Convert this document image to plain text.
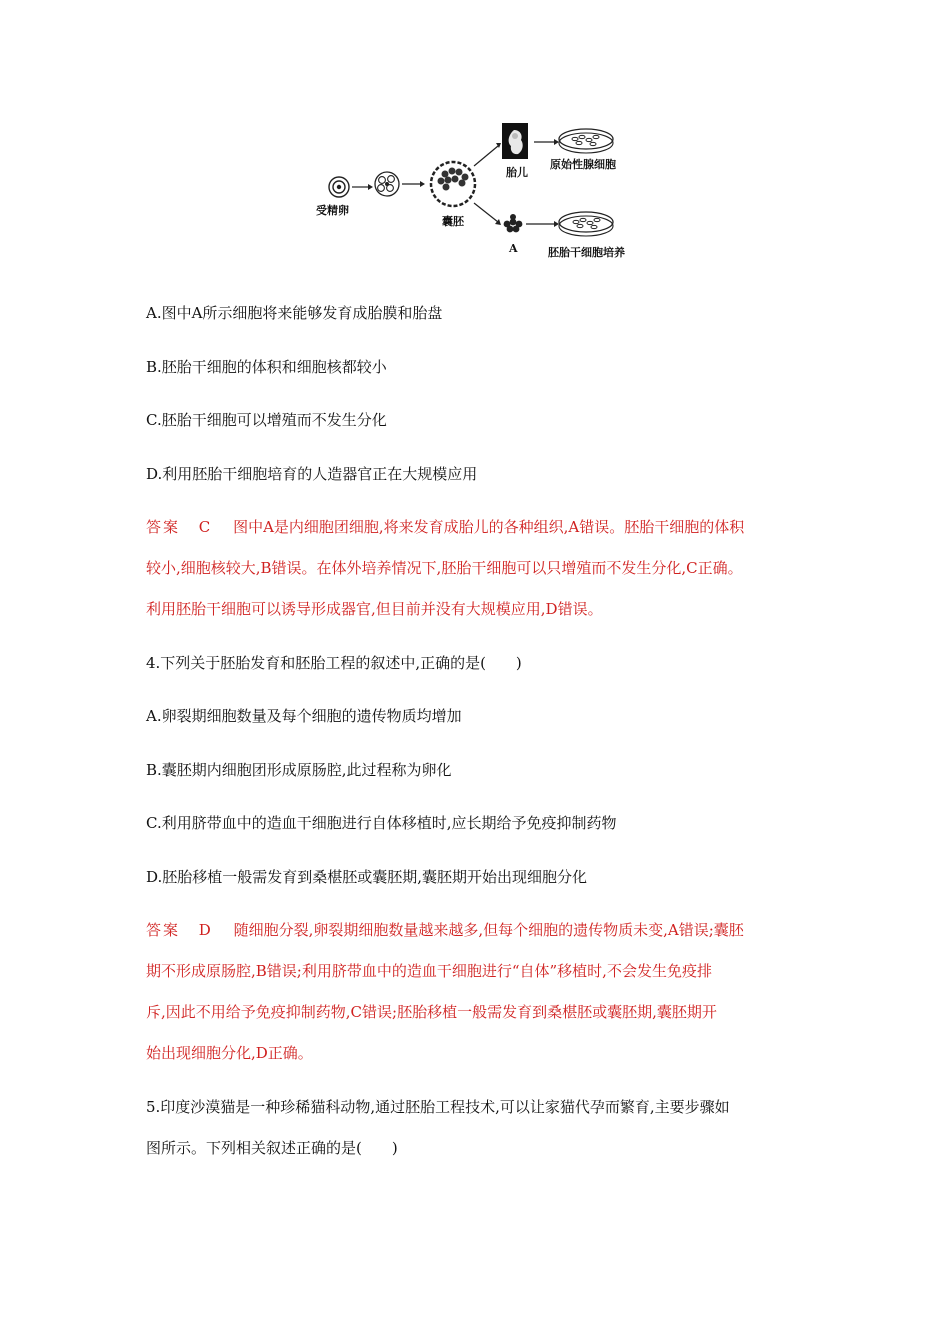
受精卵
囊胚
胎儿
原始性腺细胞
A	胚胎干细胞培养
A.图中A所示细胞将来能够发育成胎膜和胎盘
B.胚胎干细胞的体积和细胞核都较小
C.胚胎干细胞可以增殖而不发生分化
D.利用胚胎干细胞培育的人造器官正在大规模应用
答案 C 图中A是内细胞团细胞,将来发育成胎儿的各种组织,A错误。胚胎干细胞的体积
较小,细胞核较大,B错误。在体外培养情况下,胚胎干细胞可以只增殖而不发生分化,C正确。
利用胚胎干细胞可以诱导形成器官,但目前并没有大规模应用,D错误。
4.下列关于胚胎发育和胚胎工程的叙述中,正确的是(　　)
A.卵裂期细胞数量及每个细胞的遗传物质均增加
B.囊胚期内细胞团形成原肠腔,此过程称为卵化
C.利用脐带血中的造血干细胞进行自体移植时,应长期给予免疫抑制药物
D.胚胎移植一般需发育到桑椹胚或囊胚期,囊胚期开始出现细胞分化
答案 D 随细胞分裂,卵裂期细胞数量越来越多,但每个细胞的遗传物质未变,A错误;囊胚
期不形成原肠腔,B错误;利用脐带血中的造血干细胞进行“自体”移植时,不会发生免疫排
斥,因此不用给予免疫抑制药物,C错误;胚胎移植一般需发育到桑椹胚或囊胚期,囊胚期开
始出现细胞分化,D正确。
5.印度沙漠猫是一种珍稀猫科动物,通过胚胎工程技术,可以让家猫代孕而繁育,主要步骤如
图所示。下列相关叙述正确的是(　　)
